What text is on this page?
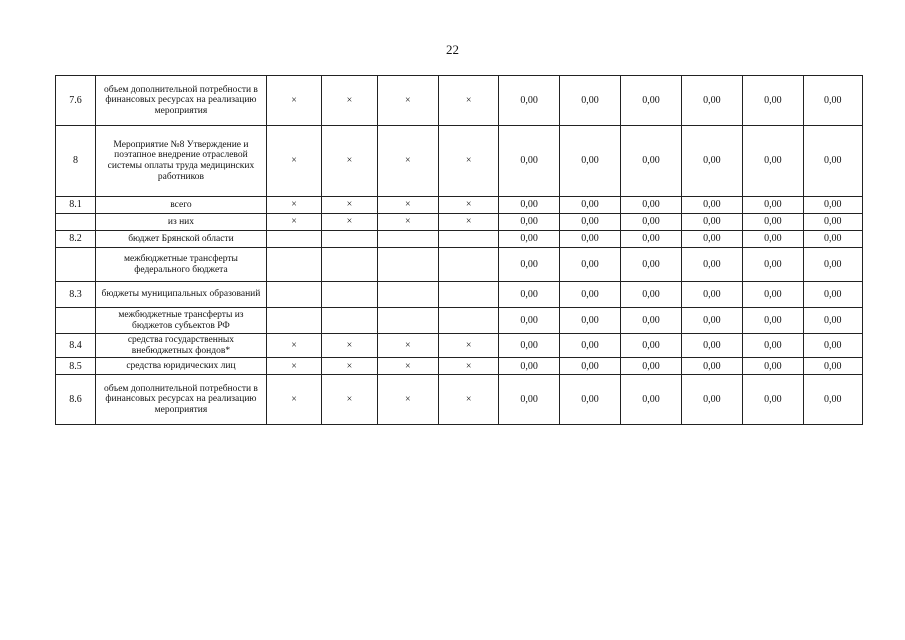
22
7.6	объем дополнительной потребности в финансовых ресурсах на реализацию мероприятия	×	×	×	×	0,00	0,00	0,00	0,00	0,00	0,00
8	Мероприятие №8 Утверждение и поэтапное внедрение отраслевой системы оплаты труда медицинских работников	×	×	×	×	0,00	0,00	0,00	0,00	0,00	0,00
8.1	всего	×	×	×	×	0,00	0,00	0,00	0,00	0,00	0,00
	из них	×	×	×	×	0,00	0,00	0,00	0,00	0,00	0,00
8.2	бюджет Брянской области					0,00	0,00	0,00	0,00	0,00	0,00
	межбюджетные трансферты федерального бюджета					0,00	0,00	0,00	0,00	0,00	0,00
8.3	бюджеты муниципальных образований					0,00	0,00	0,00	0,00	0,00	0,00
	межбюджетные трансферты из бюджетов субъектов РФ					0,00	0,00	0,00	0,00	0,00	0,00
8.4	средства государственных внебюджетных фондов*	×	×	×	×	0,00	0,00	0,00	0,00	0,00	0,00
8.5	средства юридических лиц	×	×	×	×	0,00	0,00	0,00	0,00	0,00	0,00
8.6	объем дополнительной потребности в финансовых ресурсах на реализацию мероприятия	×	×	×	×	0,00	0,00	0,00	0,00	0,00	0,00
